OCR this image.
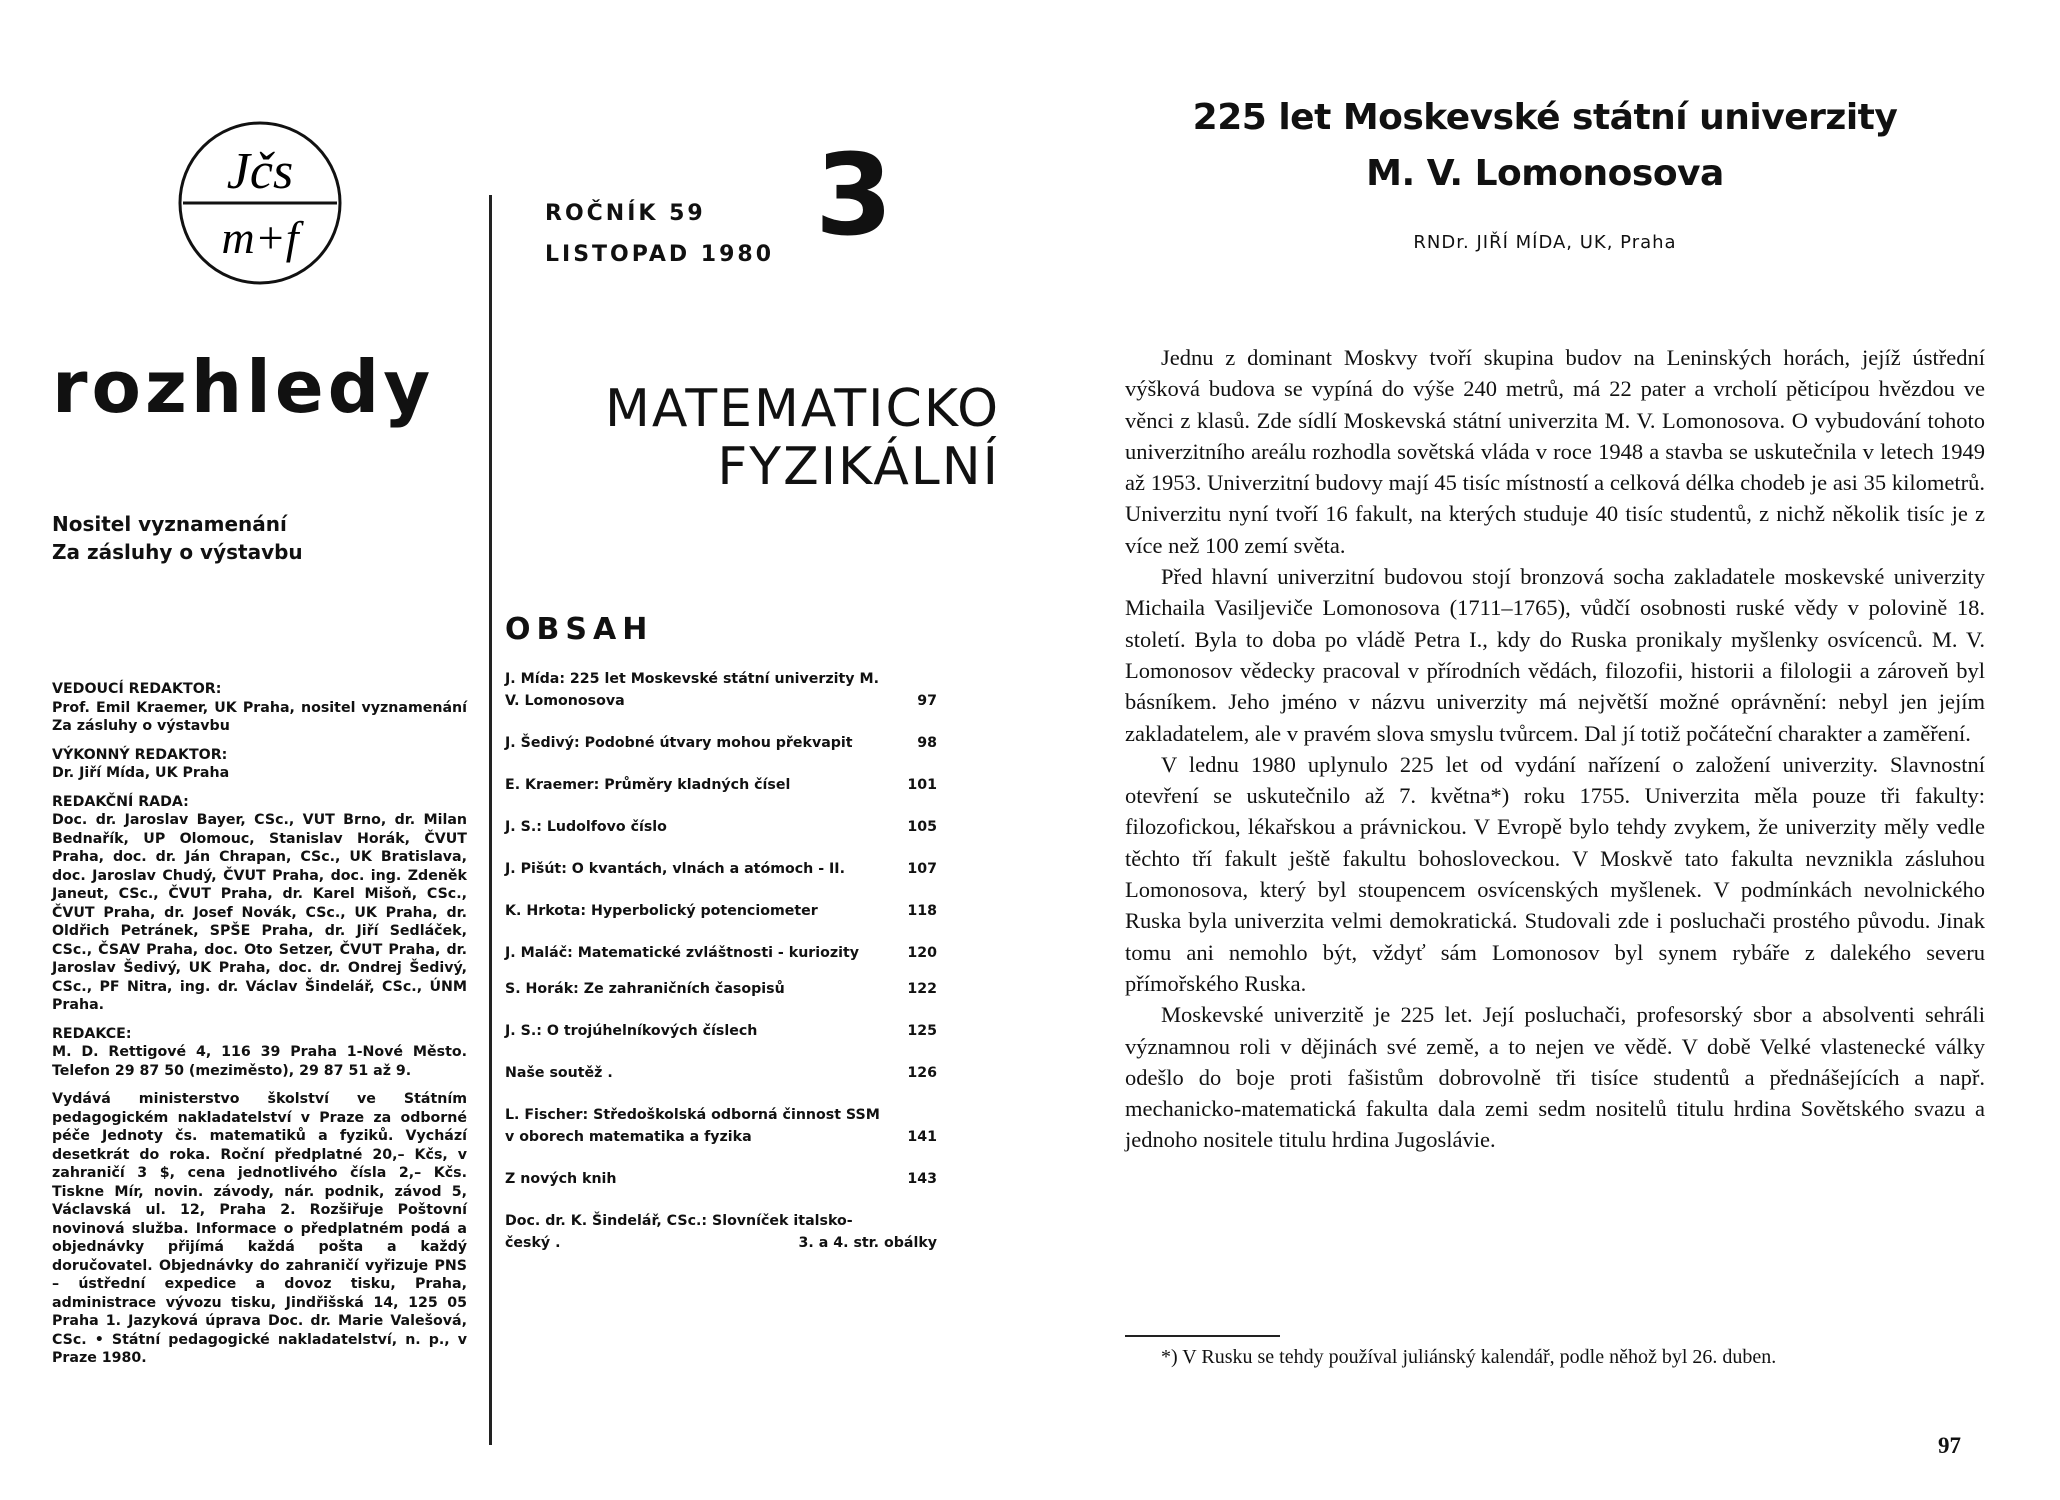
Jčs
m+f
rozhledy
Nositel vyznamenání
Za zásluhy o výstavbu
VEDOUCÍ REDAKTOR:

Prof. Emil Kraemer, UK Praha, nositel vyznamenání Za zásluhy o výstavbu

VÝKONNÝ REDAKTOR:

Dr. Jiří Mída, UK Praha

REDAKČNÍ RADA:

Doc. dr. Jaroslav Bayer, CSc., VUT Brno, dr. Milan Bednařík, UP Olomouc, Stanislav Horák, ČVUT Praha, doc. dr. Ján Chrapan, CSc., UK Bratislava, doc. Jaroslav Chudý, ČVUT Praha, doc. ing. Zdeněk Janeut, CSc., ČVUT Praha, dr. Karel Mišoň, CSc., ČVUT Praha, dr. Josef Novák, CSc., UK Praha, dr. Oldřich Petránek, SPŠE Praha, dr. Jiří Sedláček, CSc., ČSAV Praha, doc. Oto Setzer, ČVUT Praha, dr. Jaroslav Šedivý, UK Praha, doc. dr. Ondrej Šedivý, CSc., PF Nitra, ing. dr. Václav Šindelář, CSc., ÚNM Praha.

REDAKCE:

M. D. Rettigové 4, 116 39 Praha 1-Nové Město. Telefon 29 87 50 (meziměsto), 29 87 51 až 9.

Vydává ministerstvo školství ve Státním pedagogickém nakladatelství v Praze za odborné péče Jednoty čs. matematiků a fyziků. Vychází desetkrát do roka. Roční předplatné 20,– Kčs, v zahraničí 3 $, cena jednotlivého čísla 2,– Kčs. Tiskne Mír, novin. závody, nár. podnik, závod 5, Václavská ul. 12, Praha 2. Rozšiřuje Poštovní novinová služba. Informace o předplatném podá a objednávky přijímá každá pošta a každý doručovatel. Objednávky do zahraničí vyřizuje PNS – ústřední expedice a dovoz tisku, Praha, administrace vývozu tisku, Jindřišská 14, 125 05 Praha 1. Jazyková úprava Doc. dr. Marie Valešová, CSc. • Státní pedagogické nakladatelství, n. p., v Praze 1980.

ROČNÍK 59
LISTOPAD 1980 3
MATEMATICKO
FYZIKÁLNÍ
OBSAH
J. Mída: 225 let Moskevské státní univerzity M. V. Lomonosova	97
J. Šedivý: Podobné útvary mohou překvapit	98
E. Kraemer: Průměry kladných čísel	101
J. S.: Ludolfovo číslo	105
J. Pišút: O kvantách, vlnách a atómoch - II.	107
K. Hrkota: Hyperbolický potenciometer	118
J. Maláč: Matematické zvláštnosti - kuriozity	120
S. Horák: Ze zahraničních časopisů	122
J. S.: O trojúhelníkových číslech	125
Naše soutěž .	126
L. Fischer: Středoškolská odborná činnost SSM v oborech matematika a fyzika	141
Z nových knih	143
Doc. dr. K. Šindelář, CSc.: Slovníček italsko-český .	3. a 4. str. obálky
225 let Moskevské státní univerzity
M. V. Lomonosova
RNDr. JIŘÍ MÍDA, UK, Praha

Jednu z dominant Moskvy tvoří skupina budov na Leninských horách, jejíž ústřední výšková budova se vypíná do výše 240 metrů, má 22 pater a vrcholí pěticípou hvězdou ve věnci z klasů. Zde sídlí Moskevská státní univerzita M. V. Lomonosova. O vybudování tohoto univerzitního areálu rozhodla sovětská vláda v roce 1948 a stavba se uskutečnila v letech 1949 až 1953. Univerzitní budovy mají 45 tisíc místností a celková délka chodeb je asi 35 kilometrů. Univerzitu nyní tvoří 16 fakult, na kterých studuje 40 tisíc studentů, z nichž několik tisíc je z více než 100 zemí světa.

Před hlavní univerzitní budovou stojí bronzová socha zakladatele moskevské univerzity Michaila Vasiljeviče Lomonosova (1711–1765), vůdčí osobnosti ruské vědy v polovině 18. století. Byla to doba po vládě Petra I., kdy do Ruska pronikaly myšlenky osvícenců. M. V. Lomonosov vědecky pracoval v přírodních vědách, filozofii, historii a filologii a zároveň byl básníkem. Jeho jméno v názvu univerzity má největší možné oprávnění: nebyl jen jejím zakladatelem, ale v pravém slova smyslu tvůrcem. Dal jí totiž počáteční charakter a zaměření.

V lednu 1980 uplynulo 225 let od vydání nařízení o založení univerzity. Slavnostní otevření se uskutečnilo až 7. května*) roku 1755. Univerzita měla pouze tři fakulty: filozofickou, lékařskou a právnickou. V Evropě bylo tehdy zvykem, že univerzity měly vedle těchto tří fakult ještě fakultu bohosloveckou. V Moskvě tato fakulta nevznikla zásluhou Lomonosova, který byl stoupencem osvícenských myšlenek. V podmínkách nevolnického Ruska byla univerzita velmi demokratická. Studovali zde i posluchači prostého původu. Jinak tomu ani nemohlo být, vždyť sám Lomonosov byl synem rybáře z dalekého severu přímořského Ruska.

Moskevské univerzitě je 225 let. Její posluchači, profesorský sbor a absolventi sehráli významnou roli v dějinách své země, a to nejen ve vědě. V době Velké vlastenecké války odešlo do boje proti fašistům dobrovolně tři tisíce studentů a přednášejících a např. mechanicko-matematická fakulta dala zemi sedm nositelů titulu hrdina Sovětského svazu a jednoho nositele titulu hrdina Jugoslávie.

*) V Rusku se tehdy používal juliánský kalendář, podle něhož byl 26. duben.
97
